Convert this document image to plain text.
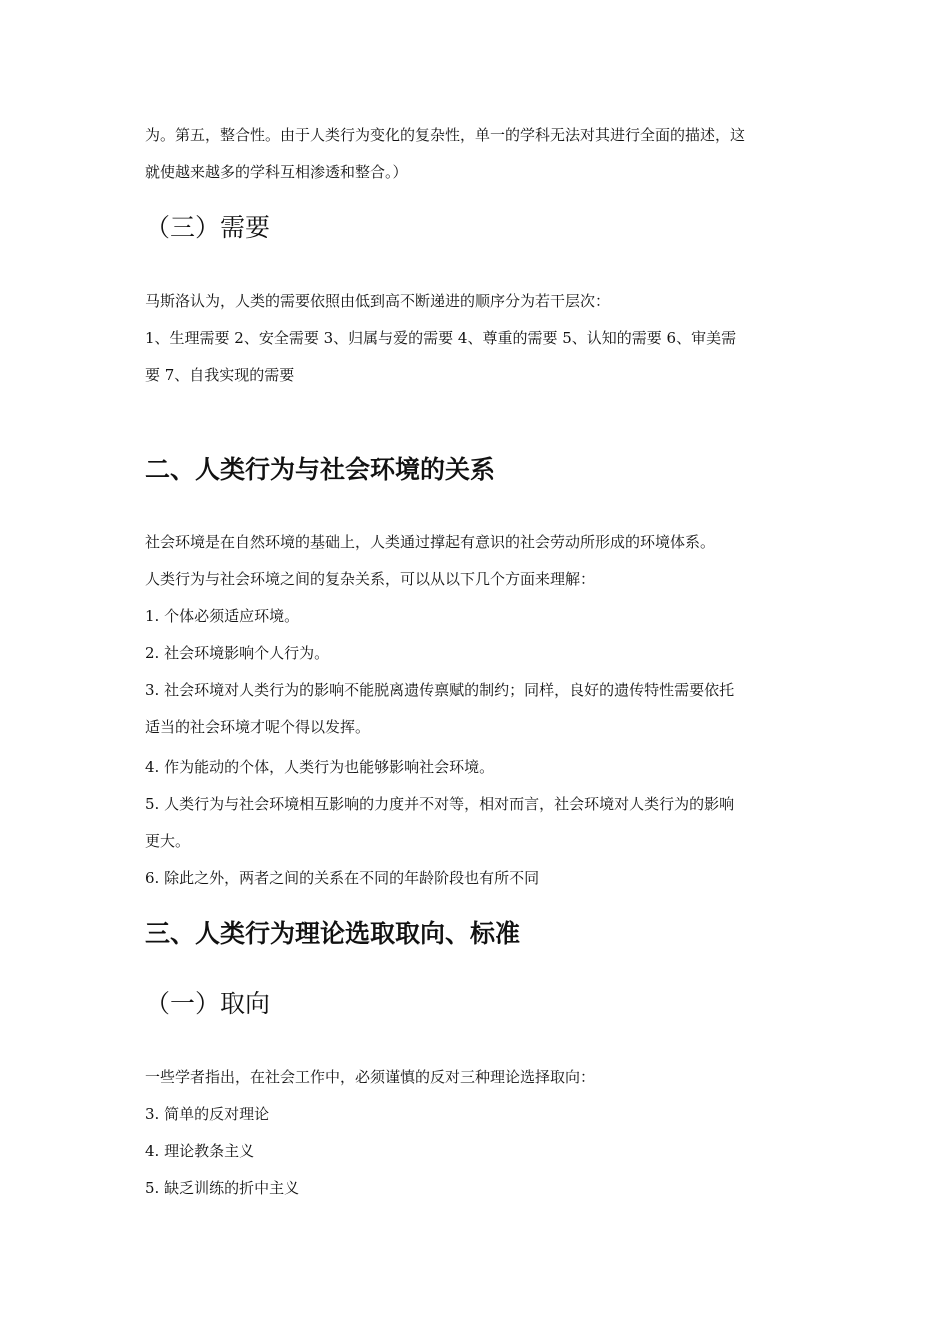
为。第五，整合性。由于人类行为变化的复杂性，单一的学科无法对其进行全面的描述，这
就使越来越多的学科互相渗透和整合。）
（三）需要
马斯洛认为，人类的需要依照由低到高不断递进的顺序分为若干层次：
1、生理需要 2、安全需要 3、归属与爱的需要 4、尊重的需要 5、认知的需要 6、审美需
要 7、自我实现的需要
二、人类行为与社会环境的关系
社会环境是在自然环境的基础上，人类通过撑起有意识的社会劳动所形成的环境体系。
人类行为与社会环境之间的复杂关系，可以从以下几个方面来理解：
1. 个体必须适应环境。
2. 社会环境影响个人行为。
3. 社会环境对人类行为的影响不能脱离遗传禀赋的制约；同样，良好的遗传特性需要依托
适当的社会环境才呢个得以发挥。
4. 作为能动的个体，人类行为也能够影响社会环境。
5. 人类行为与社会环境相互影响的力度并不对等，相对而言，社会环境对人类行为的影响
更大。
6. 除此之外，两者之间的关系在不同的年龄阶段也有所不同
三、人类行为理论选取取向、标准
（一）取向
一些学者指出，在社会工作中，必须谨慎的反对三种理论选择取向：
3. 简单的反对理论
4. 理论教条主义
5. 缺乏训练的折中主义
